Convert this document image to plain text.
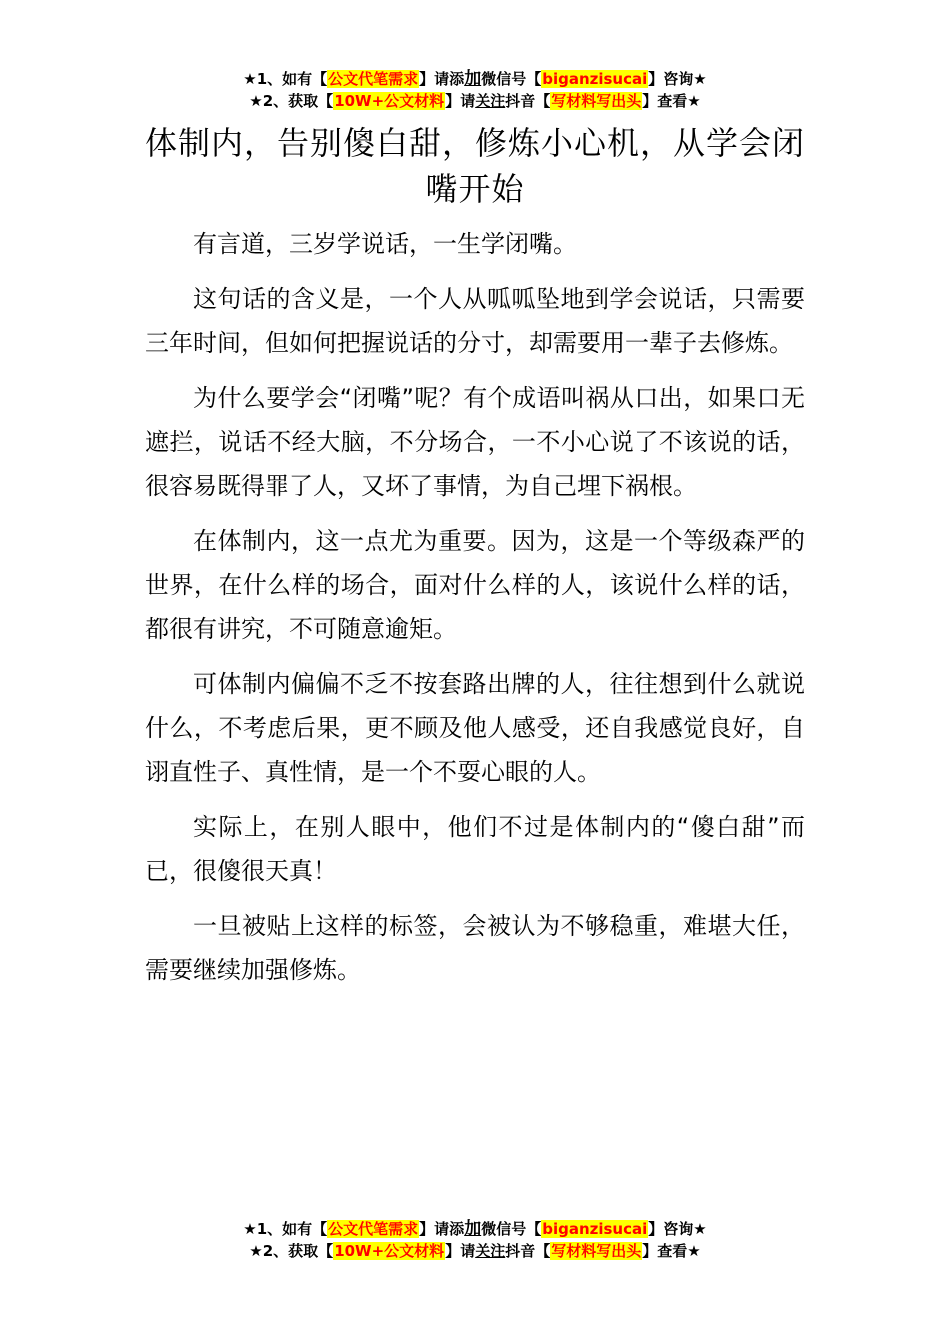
★1、如有【公文代笔需求】请添加微信号【biganzisucai】咨询★
★2、获取【10W+公文材料】请关注抖音【写材料写出头】查看★
体制内，告别傻白甜，修炼小心机，从学会闭嘴开始

有言道，三岁学说话，一生学闭嘴。

这句话的含义是，一个人从呱呱坠地到学会说话，只需要三年时间，但如何把握说话的分寸，却需要用一辈子去修炼。

为什么要学会“闭嘴”呢？有个成语叫祸从口出，如果口无遮拦，说话不经大脑，不分场合，一不小心说了不该说的话，很容易既得罪了人，又坏了事情，为自己埋下祸根。

在体制内，这一点尤为重要。因为，这是一个等级森严的世界，在什么样的场合，面对什么样的人，该说什么样的话，都很有讲究，不可随意逾矩。

可体制内偏偏不乏不按套路出牌的人，往往想到什么就说什么，不考虑后果，更不顾及他人感受，还自我感觉良好，自诩直性子、真性情，是一个不耍心眼的人。

实际上，在别人眼中，他们不过是体制内的“傻白甜”而已，很傻很天真！

一旦被贴上这样的标签，会被认为不够稳重，难堪大任，需要继续加强修炼。

★1、如有【公文代笔需求】请添加微信号【biganzisucai】咨询★
★2、获取【10W+公文材料】请关注抖音【写材料写出头】查看★
